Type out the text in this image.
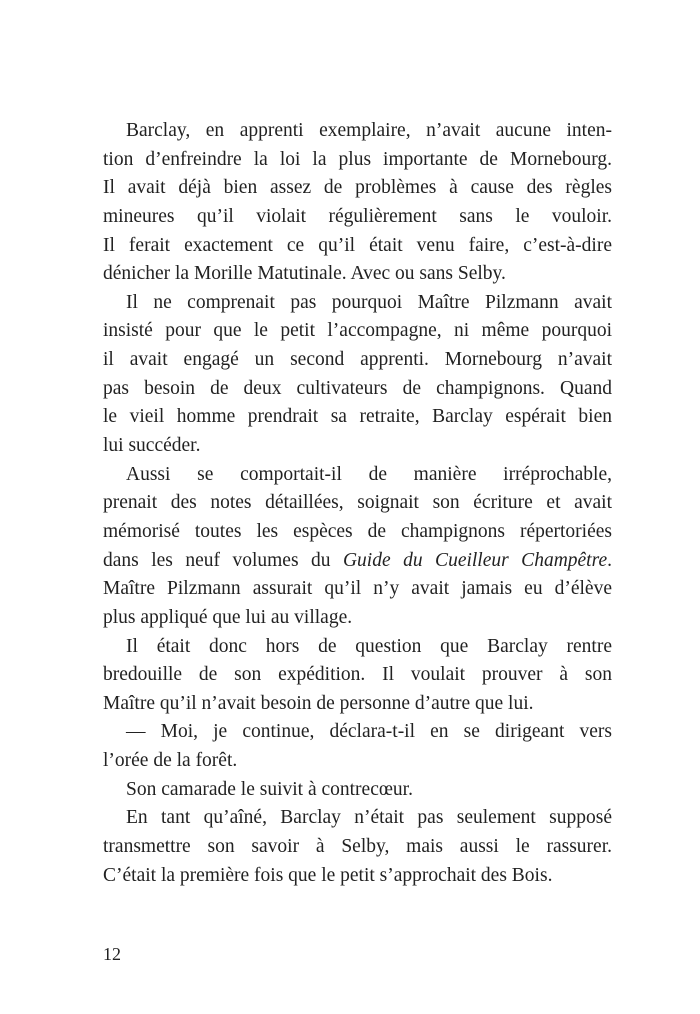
Barclay, en apprenti exemplaire, n’avait aucune inten-
tion d’enfreindre la loi la plus importante de Mornebourg.
Il avait déjà bien assez de problèmes à cause des règles
mineures qu’il violait régulièrement sans le vouloir.
Il ferait exactement ce qu’il était venu faire, c’est-à-dire
dénicher la Morille Matutinale. Avec ou sans Selby.
Il ne comprenait pas pourquoi Maître Pilzmann avait
insisté pour que le petit l’accompagne, ni même pourquoi
il avait engagé un second apprenti. Mornebourg n’avait
pas besoin de deux cultivateurs de champignons. Quand
le vieil homme prendrait sa retraite, Barclay espérait bien
lui succéder.
Aussi se comportait-il de manière irréprochable,
prenait des notes détaillées, soignait son écriture et avait
mémorisé toutes les espèces de champignons répertoriées
dans les neuf volumes du Guide du Cueilleur Champêtre.
Maître Pilzmann assurait qu’il n’y avait jamais eu d’élève
plus appliqué que lui au village.
Il était donc hors de question que Barclay rentre
bredouille de son expédition. Il voulait prouver à son
Maître qu’il n’avait besoin de personne d’autre que lui.
— Moi, je continue, déclara-t-il en se dirigeant vers
l’orée de la forêt.
Son camarade le suivit à contrecœur.
En tant qu’aîné, Barclay n’était pas seulement supposé
transmettre son savoir à Selby, mais aussi le rassurer.
C’était la première fois que le petit s’approchait des Bois.
12
